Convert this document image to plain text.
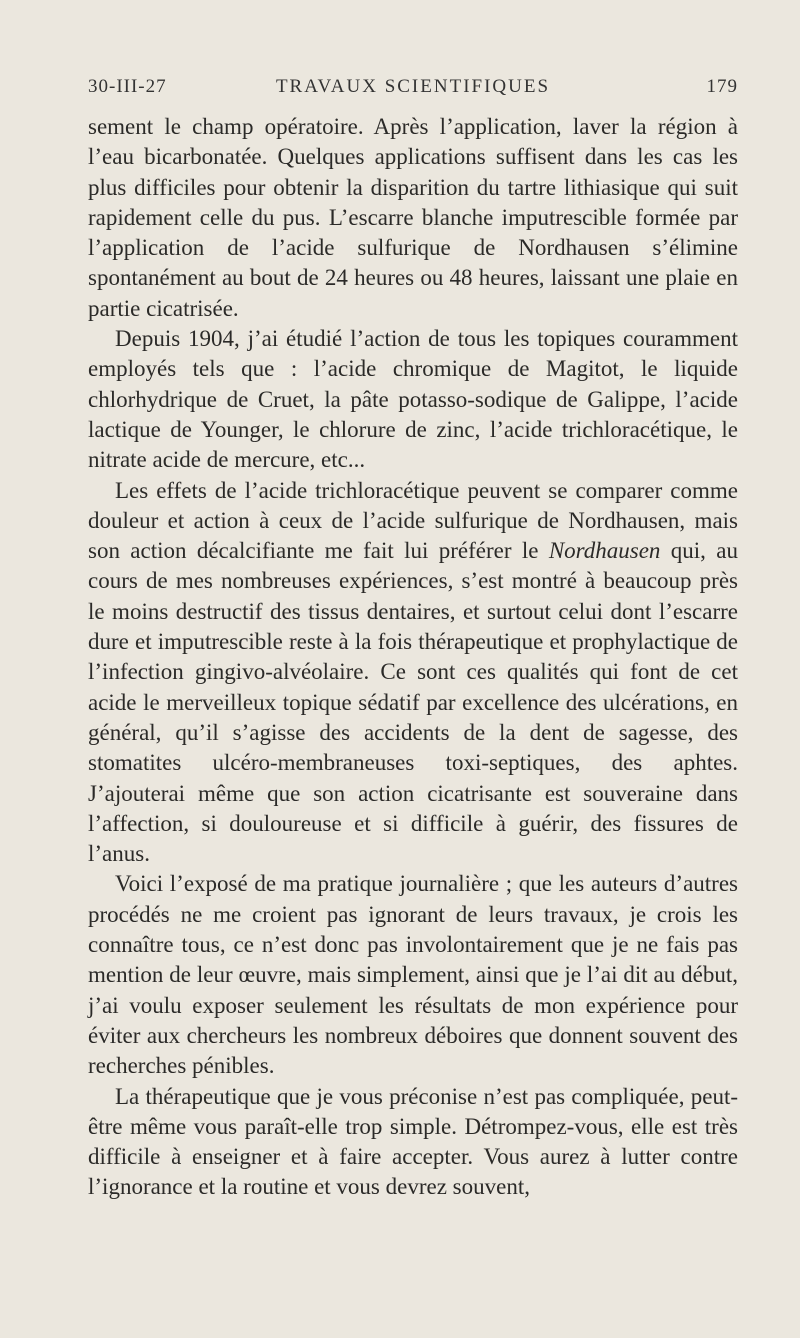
30-III-27	TRAVAUX SCIENTIFIQUES	179

sement le champ opératoire. Après l’application, laver la région à l’eau bicarbonatée. Quelques applications suffisent dans les cas les plus difficiles pour obtenir la disparition du tartre lithiasique qui suit rapidement celle du pus. L’escarre blanche imputrescible formée par l’application de l’acide sulfurique de Nordhausen s’élimine spontanément au bout de 24 heures ou 48 heures, laissant une plaie en partie cicatrisée.

Depuis 1904, j’ai étudié l’action de tous les topiques couramment employés tels que : l’acide chromique de Magitot, le liquide chlorhydrique de Cruet, la pâte potasso-sodique de Galippe, l’acide lactique de Younger, le chlorure de zinc, l’acide trichloracétique, le nitrate acide de mercure, etc...

Les effets de l’acide trichloracétique peuvent se comparer comme douleur et action à ceux de l’acide sulfurique de Nordhausen, mais son action décalcifiante me fait lui préférer le Nordhausen qui, au cours de mes nombreuses expériences, s’est montré à beaucoup près le moins destructif des tissus dentaires, et surtout celui dont l’escarre dure et imputrescible reste à la fois thérapeutique et prophylactique de l’infection gingivo-alvéolaire. Ce sont ces qualités qui font de cet acide le merveilleux topique sédatif par excellence des ulcérations, en général, qu’il s’agisse des accidents de la dent de sagesse, des stomatites ulcéro-membraneuses toxi-septiques, des aphtes. J’ajouterai même que son action cicatrisante est souveraine dans l’affection, si douloureuse et si difficile à guérir, des fissures de l’anus.

Voici l’exposé de ma pratique journalière ; que les auteurs d’autres procédés ne me croient pas ignorant de leurs travaux, je crois les connaître tous, ce n’est donc pas involontairement que je ne fais pas mention de leur œuvre, mais simplement, ainsi que je l’ai dit au début, j’ai voulu exposer seulement les résultats de mon expérience pour éviter aux chercheurs les nombreux déboires que donnent souvent des recherches pénibles.

La thérapeutique que je vous préconise n’est pas compliquée, peut-être même vous paraît-elle trop simple. Détrompez-vous, elle est très difficile à enseigner et à faire accepter. Vous aurez à lutter contre l’ignorance et la routine et vous devrez souvent,
